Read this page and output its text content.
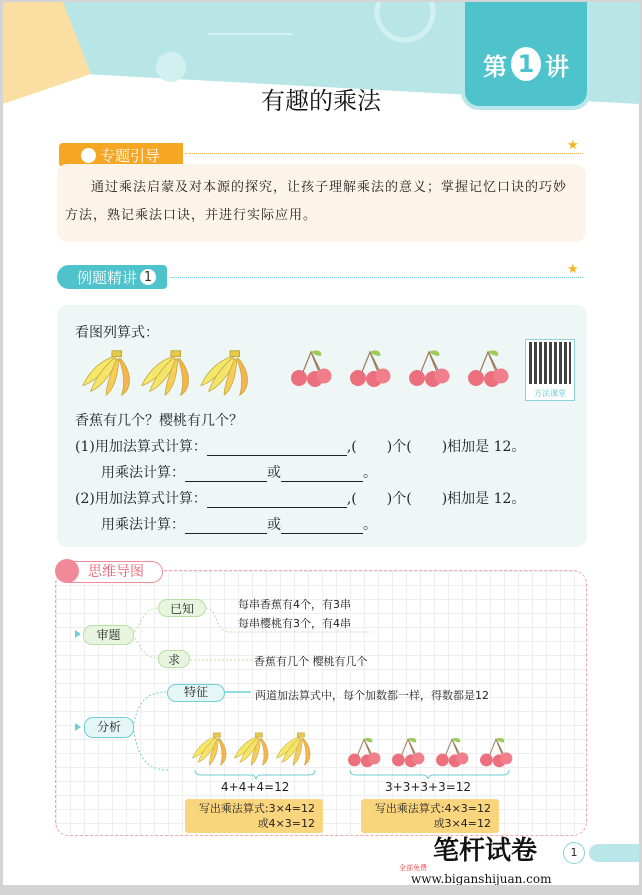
第 1 讲
有趣的乘法
专题引导
★
通过乘法启蒙及对本源的探究，让孩子理解乘法的意义；掌握记忆口诀的巧妙方法，熟记乘法口诀，并进行实际应用。
例题精讲 1	★
看图列算式：
方法课堂
香蕉有几个？樱桃有几个？
(1)用加法算式计算：	,( )个( )相加是 12。
用乘法计算：	或	。
(2)用加法算式计算：	,( )个( )相加是 12。
用乘法计算：	或	。
思维导图
审题
已知
求
每串香蕉有4个，有3串
每串樱桃有3个，有4串
香蕉有几个 樱桃有几个
分析
特征	两道加法算式中，每个加数都一样，得数都是12
4+4+4=12	3+3+3+3=12
写出乘法算式:3×4=12
或4×3=12
写出乘法算式:4×3=12
或3×4=12
笔杆试卷
全部免费
www.biganshijuan.com
1
